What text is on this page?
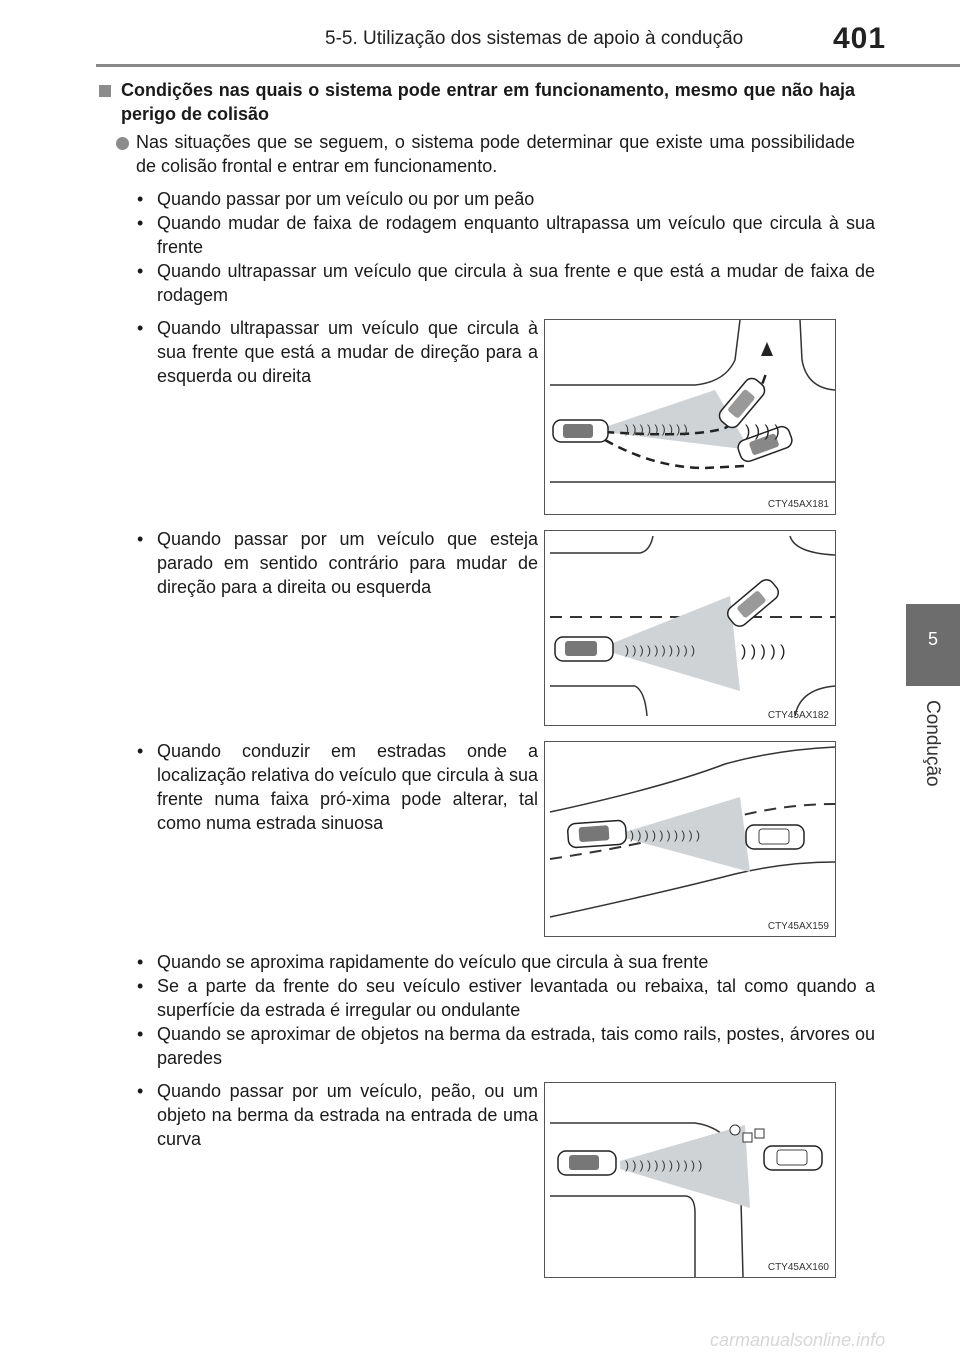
5-5. Utilização dos sistemas de apoio à condução	401
5
Condução
Condições nas quais o sistema pode entrar em funcionamento, mesmo que não haja perigo de colisão
Nas situações que se seguem, o sistema pode determinar que existe uma possibilidade de colisão frontal e entrar em funcionamento.
• Quando passar por um veículo ou por um peão
• Quando mudar de faixa de rodagem enquanto ultrapassa um veículo que circula à sua frente
• Quando ultrapassar um veículo que circula à sua frente e que está a mudar de faixa de rodagem
• Quando ultrapassar um veículo que circula à sua frente que está a mudar de direção para a esquerda ou direita
) ) ) ) ) ) ) ) )	) ) ) )
CTY45AX181
• Quando passar por um veículo que esteja parado em sentido contrário para mudar de direção para a direita ou esquerda
) ) ) ) ) ) ) ) ) )	) ) ) ) )
CTY45AX182
• Quando conduzir em estradas onde a localização relativa do veículo que circula à sua frente numa faixa pró-xima pode alterar, tal como numa estrada sinuosa
) ) ) ) ) ) ) ) ) )
CTY45AX159
• Quando se aproxima rapidamente do veículo que circula à sua frente
• Se a parte da frente do seu veículo estiver levantada ou rebaixa, tal como quando a superfície da estrada é irregular ou ondulante
• Quando se aproximar de objetos na berma da estrada, tais como rails, postes, árvores ou paredes
• Quando passar por um veículo, peão, ou um objeto na berma da estrada na entrada de uma curva
) ) ) ) ) ) ) ) ) ) )
CTY45AX160
carmanualsonline.info
